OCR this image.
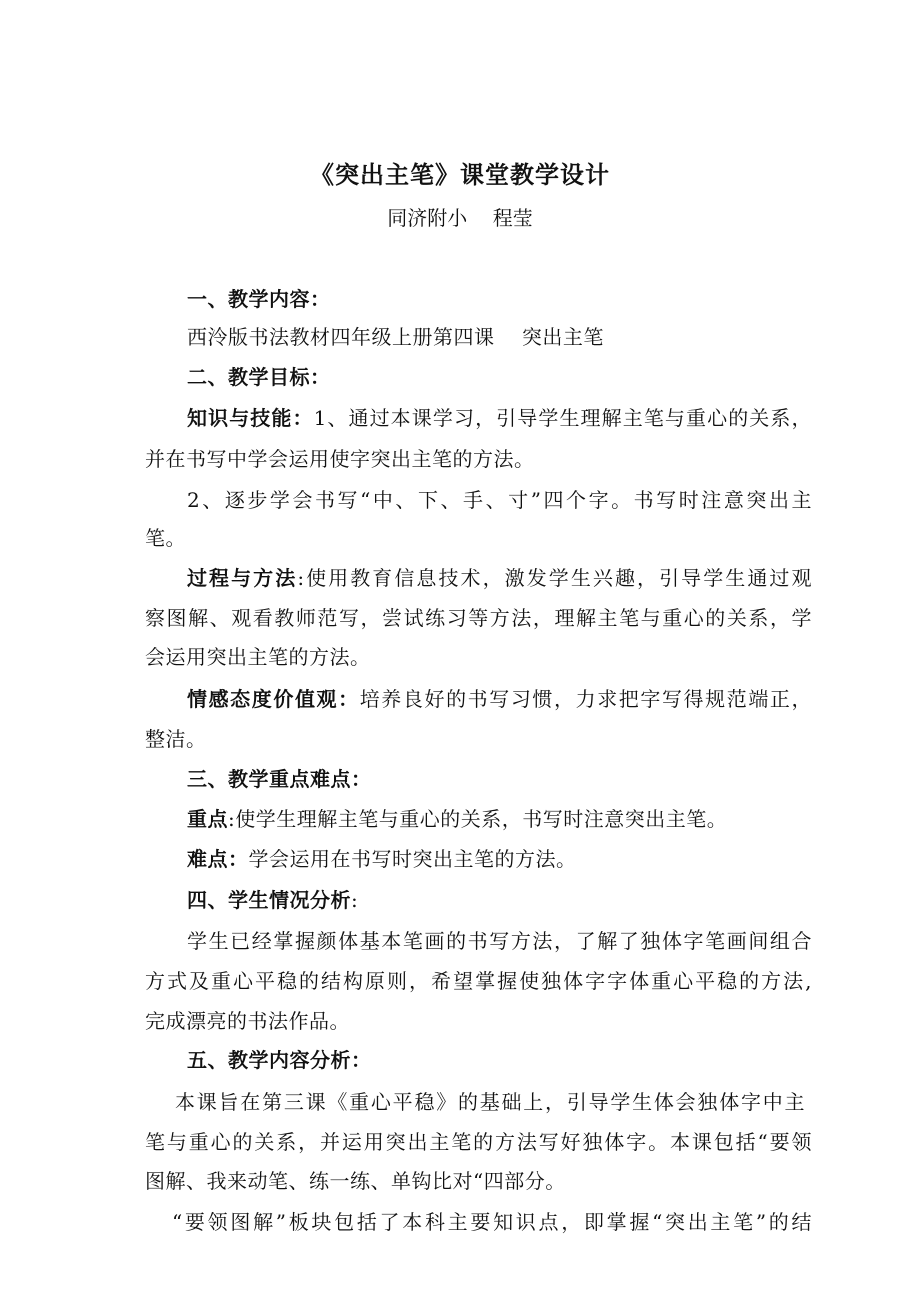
《突出主笔》课堂教学设计
同济附小    程莹
一、教学内容：
西泠版书法教材四年级上册第四课    突出主笔
二、教学目标：
知识与技能：1、通过本课学习，引导学生理解主笔与重心的关系，
并在书写中学会运用使字突出主笔的方法。
2、逐步学会书写“中、下、手、寸”四个字。书写时注意突出主
笔。
过程与方法:使用教育信息技术，激发学生兴趣，引导学生通过观
察图解、观看教师范写，尝试练习等方法，理解主笔与重心的关系，学
会运用突出主笔的方法。
情感态度价值观：培养良好的书写习惯，力求把字写得规范端正，
整洁。
三、教学重点难点：
重点:使学生理解主笔与重心的关系，书写时注意突出主笔。
难点：学会运用在书写时突出主笔的方法。
四、学生情况分析:
学生已经掌握颜体基本笔画的书写方法，了解了独体字笔画间组合
方式及重心平稳的结构原则，希望掌握使独体字字体重心平稳的方法,
完成漂亮的书法作品。
五、教学内容分析：
本课旨在第三课《重心平稳》的基础上，引导学生体会独体字中主
笔与重心的关系，并运用突出主笔的方法写好独体字。本课包括“要领
图解、我来动笔、练一练、单钩比对“四部分。
“要领图解”板块包括了本科主要知识点，即掌握“突出主笔”的结
